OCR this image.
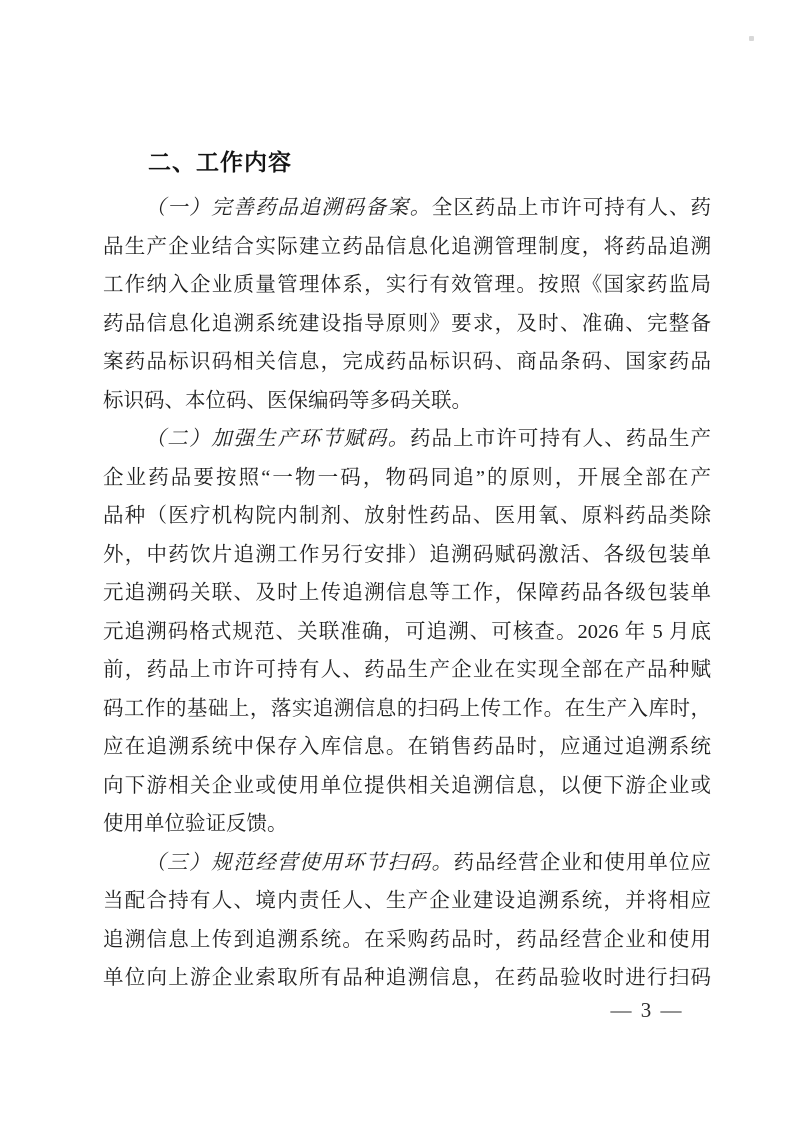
二、工作内容
（一）完善药品追溯码备案。全区药品上市许可持有人、药
品生产企业结合实际建立药品信息化追溯管理制度，将药品追溯
工作纳入企业质量管理体系，实行有效管理。按照《国家药监局
药品信息化追溯系统建设指导原则》要求，及时、准确、完整备
案药品标识码相关信息，完成药品标识码、商品条码、国家药品
标识码、本位码、医保编码等多码关联。
（二）加强生产环节赋码。药品上市许可持有人、药品生产
企业药品要按照“一物一码，物码同追”的原则，开展全部在产
品种（医疗机构院内制剂、放射性药品、医用氧、原料药品类除
外，中药饮片追溯工作另行安排）追溯码赋码激活、各级包装单
元追溯码关联、及时上传追溯信息等工作，保障药品各级包装单
元追溯码格式规范、关联准确，可追溯、可核查。2026 年 5 月底
前，药品上市许可持有人、药品生产企业在实现全部在产品种赋
码工作的基础上，落实追溯信息的扫码上传工作。在生产入库时，
应在追溯系统中保存入库信息。在销售药品时，应通过追溯系统
向下游相关企业或使用单位提供相关追溯信息，以便下游企业或
使用单位验证反馈。
（三）规范经营使用环节扫码。药品经营企业和使用单位应
当配合持有人、境内责任人、生产企业建设追溯系统，并将相应
追溯信息上传到追溯系统。在采购药品时，药品经营企业和使用
单位向上游企业索取所有品种追溯信息，在药品验收时进行扫码
— 3 —
